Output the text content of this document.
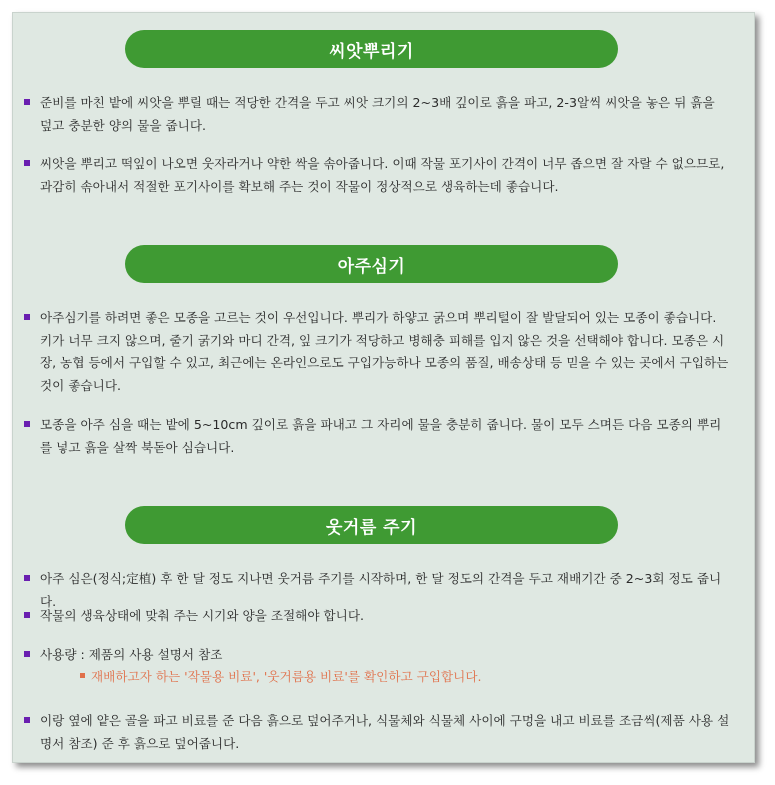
씨앗뿌리기
준비를 마친 밭에 씨앗을 뿌릴 때는 적당한 간격을 두고 씨앗 크기의 2~3배 깊이로 흙을 파고, 2-3알씩 씨앗을 놓은 뒤 흙을 덮고 충분한 양의 물을 줍니다.
씨앗을 뿌리고 떡잎이 나오면 웃자라거나 약한 싹을 솎아줍니다. 이때 작물 포기사이 간격이 너무 좁으면 잘 자랄 수 없으므로, 과감히 솎아내서 적절한 포기사이를 확보해 주는 것이 작물이 정상적으로 생육하는데 좋습니다.
아주심기
아주심기를 하려면 좋은 모종을 고르는 것이 우선입니다. 뿌리가 하얗고 굵으며 뿌리털이 잘 발달되어 있는 모종이 좋습니다. 키가 너무 크지 않으며, 줄기 굵기와 마디 간격, 잎 크기가 적당하고 병해충 피해를 입지 않은 것을 선택해야 합니다. 모종은 시장, 농협 등에서 구입할 수 있고, 최근에는 온라인으로도 구입가능하나 모종의 품질, 배송상태 등 믿을 수 있는 곳에서 구입하는 것이 좋습니다.
모종을 아주 심을 때는 밭에 5~10cm 깊이로 흙을 파내고 그 자리에 물을 충분히 줍니다. 물이 모두 스며든 다음 모종의 뿌리를 넣고 흙을 살짝 북돋아 심습니다.
웃거름 주기
아주 심은(정식;定植) 후 한 달 정도 지나면 웃거름 주기를 시작하며, 한 달 정도의 간격을 두고 재배기간 중 2~3회 정도 줍니다.
작물의 생육상태에 맞춰 주는 시기와 양을 조절해야 합니다.
사용량 : 제품의 사용 설명서 참조
재배하고자 하는 '작물용 비료', '웃거름용 비료'를 확인하고 구입합니다.
이랑 옆에 얕은 골을 파고 비료를 준 다음 흙으로 덮어주거나, 식물체와 식물체 사이에 구멍을 내고 비료를 조금씩(제품 사용 설명서 참조) 준 후 흙으로 덮어줍니다.
